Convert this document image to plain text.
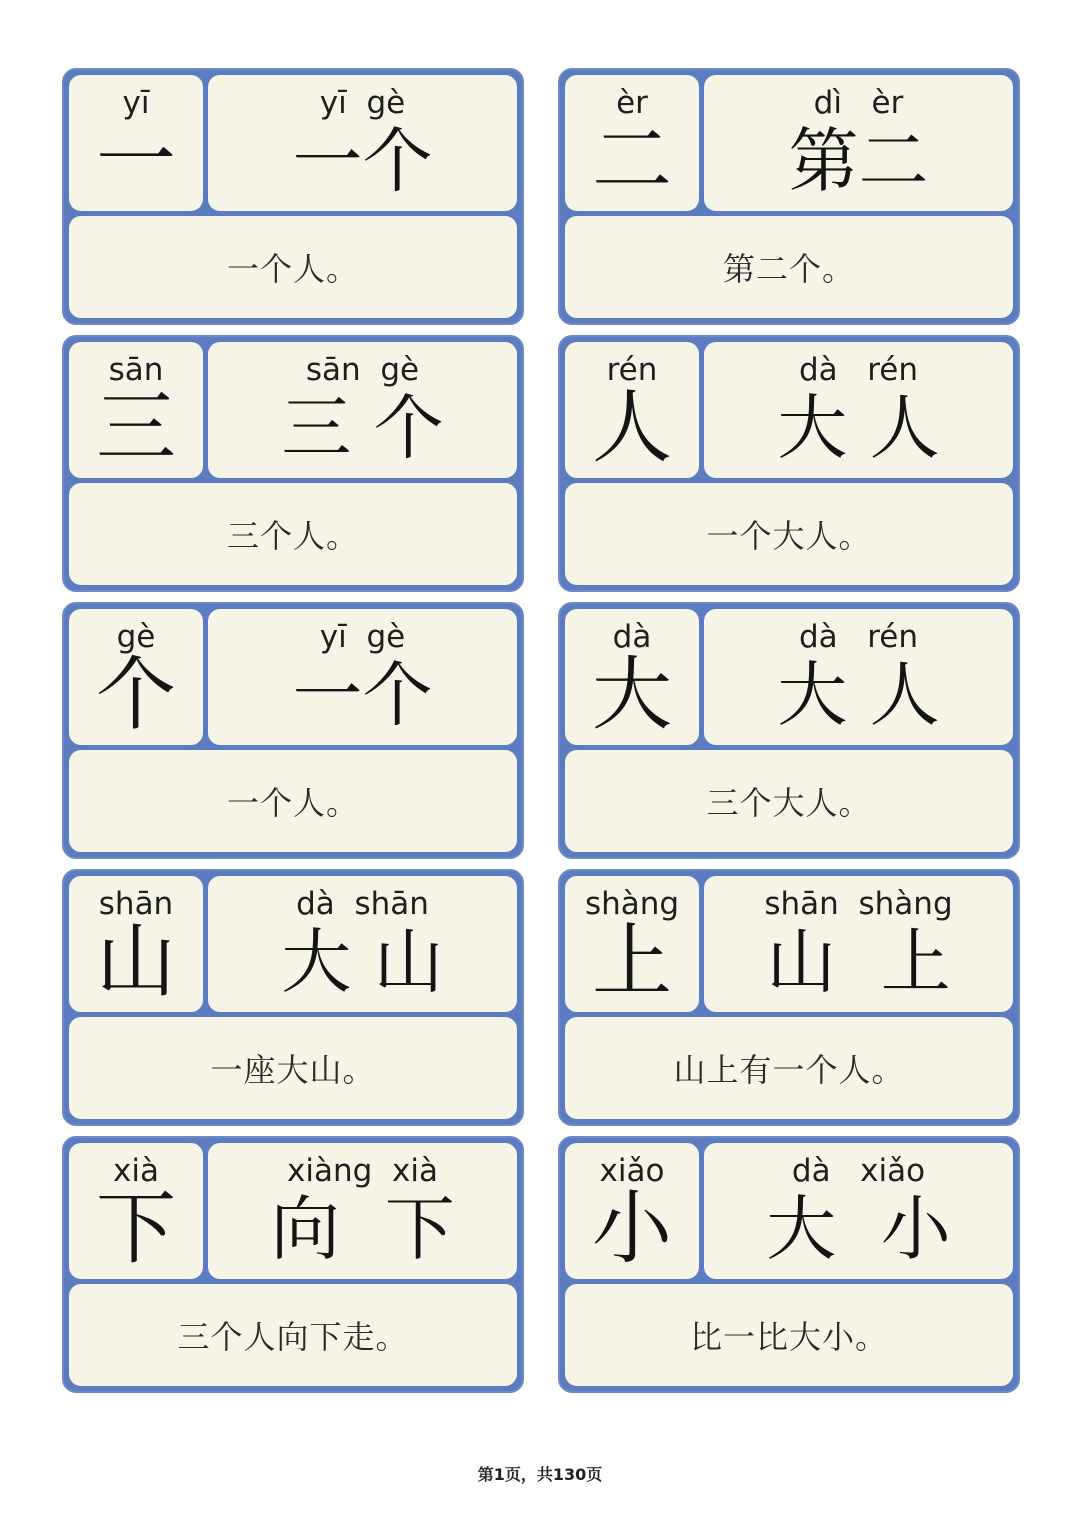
yī
一
yī  gè
一个
一个人。
èr
二
dì   èr
第二
第二个。
sān
三
sān  gè
三 个
三个人。
rén
人
dà   rén
大 人
一个大人。
gè
个
yī  gè
一个
一个人。
dà
大
dà   rén
大 人
三个大人。
shān
山
dà  shān
大 山
一座大山。
shàng
上
shān  shàng
山  上
山上有一个人。
xià
下
xiàng  xià
向  下
三个人向下走。
xiǎo
小
dà   xiǎo
大  小
比一比大小。
第1页，共130页
